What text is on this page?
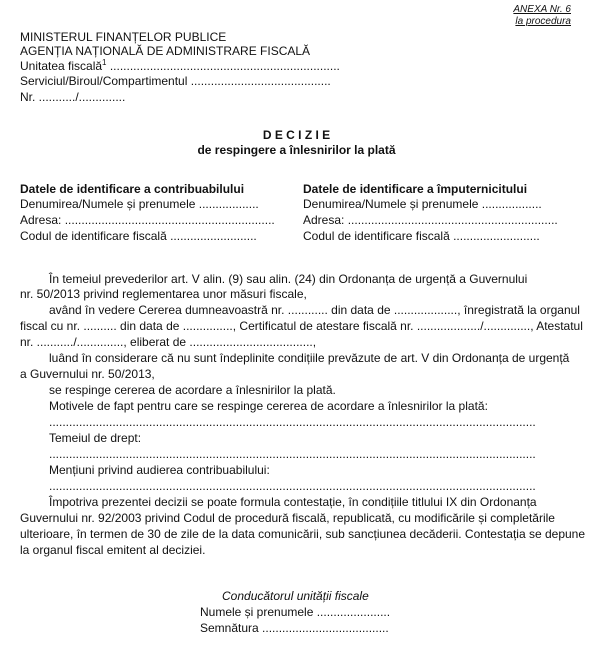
ANEXA Nr. 6
la procedura
MINISTERUL FINANȚELOR PUBLICE
AGENȚIA NAȚIONALĂ DE ADMINISTRARE FISCALĂ
Unitatea fiscală$^1$ .....................................................................
Serviciul/Biroul/Compartimentul ..........................................
Nr. .........../..............
D E C I Z I E
de respingere a înlesnirilor la plată
Datele de identificare a contribuabilului
Denumirea/Numele și prenumele ..................
Adresa: ...............................................................
Codul de identificare fiscală ..........................
Datele de identificare a împuternicitului
Denumirea/Numele și prenumele ..................
Adresa: ...............................................................
Codul de identificare fiscală ..........................
În temeiul prevederilor art. V alin. (9) sau alin. (24) din Ordonanța de urgență a Guvernului
nr. 50/2013 privind reglementarea unor măsuri fiscale,
având în vedere Cererea dumneavoastră nr. ............ din data de ..................., înregistrată la organul
fiscal cu nr. .......... din data de ..............., Certificatul de atestare fiscală nr. .................../.............., Atestatul
nr. .........../.............., eliberat de .....................................,
luând în considerare că nu sunt îndeplinite condițiile prevăzute de art. V din Ordonanța de urgență
a Guvernului nr. 50/2013,
se respinge cererea de acordare a înlesnirilor la plată.
Motivele de fapt pentru care se respinge cererea de acordare a înlesnirilor la plată:
..................................................................................................................................................
Temeiul de drept:
..................................................................................................................................................
Mențiuni privind audierea contribuabilului:
..................................................................................................................................................
Împotriva prezentei decizii se poate formula contestație, în condițiile titlului IX din Ordonanța
Guvernului nr. 92/2003 privind Codul de procedură fiscală, republicată, cu modificările și completările
ulterioare, în termen de 30 de zile de la data comunicării, sub sancțiunea decăderii. Contestația se depune
la organul fiscal emitent al deciziei.
Conducătorul unității fiscale
Numele și prenumele ......................
Semnătura ......................................
